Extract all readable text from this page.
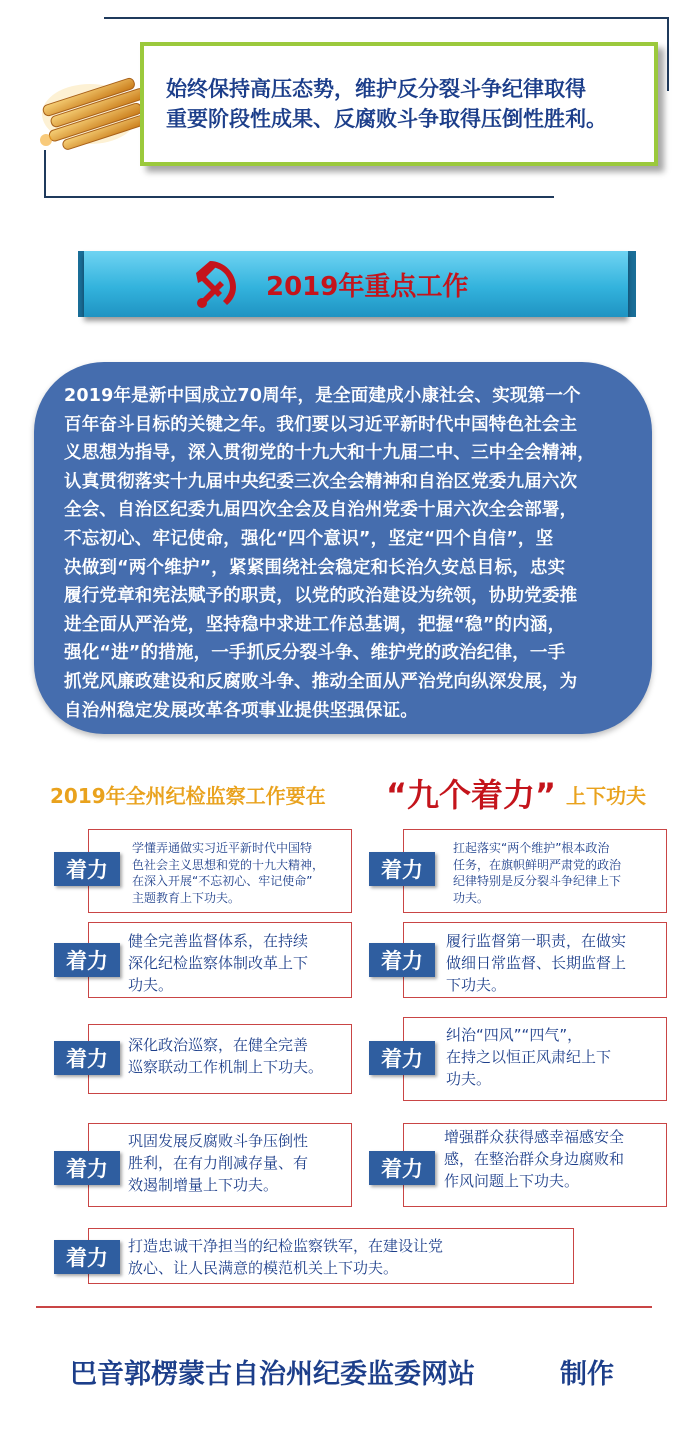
始终保持高压态势，维护反分裂斗争纪律取得
重要阶段性成果、反腐败斗争取得压倒性胜利。
2019年重点工作
2019年是新中国成立70周年，是全面建成小康社会、实现第一个
百年奋斗目标的关键之年。我们要以习近平新时代中国特色社会主
义思想为指导，深入贯彻党的十九大和十九届二中、三中全会精神，
认真贯彻落实十九届中央纪委三次全会精神和自治区党委九届六次
全会、自治区纪委九届四次全会及自治州党委十届六次全会部署，
不忘初心、牢记使命，强化“四个意识”，坚定“四个自信”，坚
决做到“两个维护”，紧紧围绕社会稳定和长治久安总目标，忠实
履行党章和宪法赋予的职责，以党的政治建设为统领，协助党委推
进全面从严治党，坚持稳中求进工作总基调，把握“稳”的内涵，
强化“进”的措施，一手抓反分裂斗争、维护党的政治纪律，一手
抓党风廉政建设和反腐败斗争、推动全面从严治党向纵深发展，为
自治州稳定发展改革各项事业提供坚强保证。
2019年全州纪检监察工作要在 “九个着力” 上下功夫
着力
学懂弄通做实习近平新时代中国特
色社会主义思想和党的十九大精神，
在深入开展“不忘初心、牢记使命”
主题教育上下功夫。
着力
扛起落实“两个维护”根本政治
任务，在旗帜鲜明严肃党的政治
纪律特别是反分裂斗争纪律上下
功夫。
着力
健全完善监督体系，在持续
深化纪检监察体制改革上下
功夫。
着力
履行监督第一职责，在做实
做细日常监督、长期监督上
下功夫。
着力
深化政治巡察，在健全完善
巡察联动工作机制上下功夫。	着力
纠治“四风”“四气”，
在持之以恒正风肃纪上下
功夫。
着力
巩固发展反腐败斗争压倒性
胜利，在有力削减存量、有
效遏制增量上下功夫。
着力
增强群众获得感幸福感安全
感，在整治群众身边腐败和
作风问题上下功夫。
着力	打造忠诚干净担当的纪检监察铁军，在建设让党
放心、让人民满意的模范机关上下功夫。
巴音郭楞蒙古自治州纪委监委网站	制作
